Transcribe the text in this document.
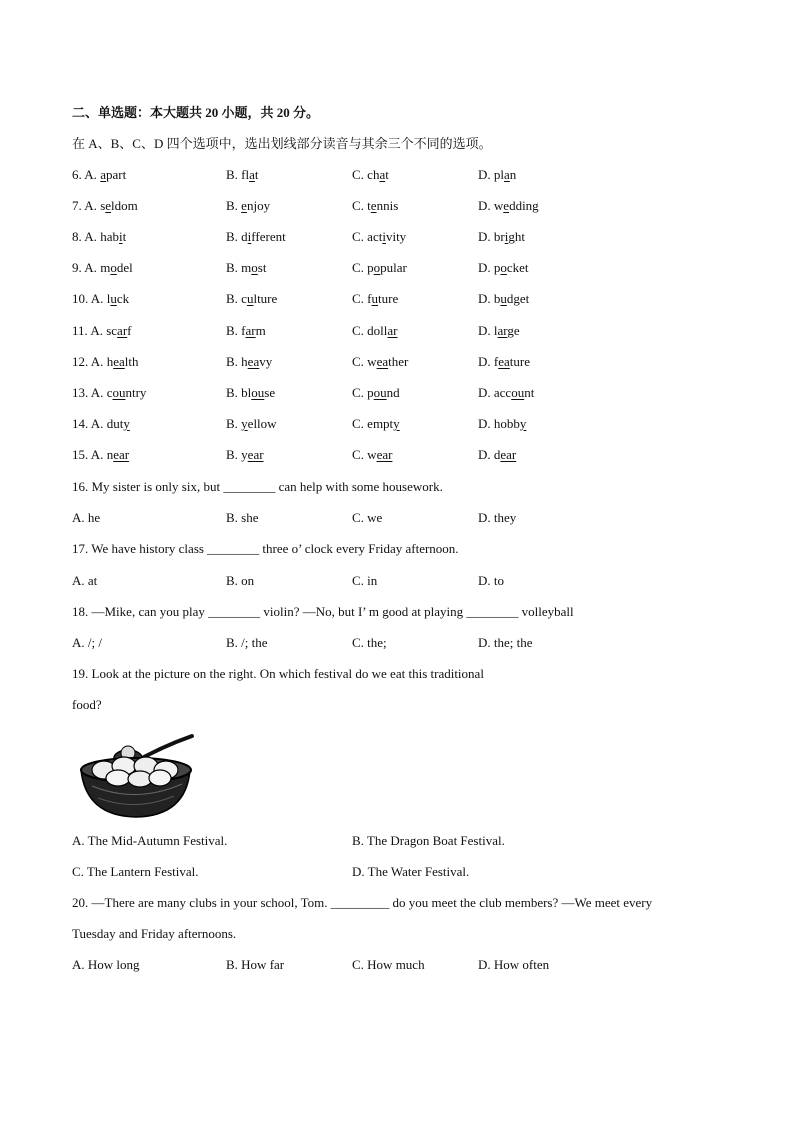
二、单选题：本大题共 20 小题，共 20 分。
在 A、B、C、D 四个选项中，选出划线部分读音与其余三个不同的选项。
6. A. apart	B. flat	C. chat	D. plan
7. A. seldom	B. enjoy	C. tennis	D. wedding
8. A. habit	B. different	C. activity	D. bright
9. A. model	B. most	C. popular	D. pocket
10. A. luck	B. culture	C. future	D. budget
11. A. scarf	B. farm	C. dollar	D. large
12. A. health	B. heavy	C. weather	D. feature
13. A. country	B. blouse	C. pound	D. account
14. A. duty	B. yellow	C. empty	D. hobby
15. A. near	B. year	C. wear	D. dear
16. My sister is only six, but ________ can help with some housework.
A. he	B. she	C. we	D. they
17. We have history class ________ three o’ clock every Friday afternoon.
A. at	B. on	C. in	D. to
18. —Mike, can you play ________ violin? —No, but I’ m good at playing ________ volleyball
A. /; /	B. /; the	C. the;	D. the; the
19. Look at the picture on the right. On which festival do we eat this traditional
food?
A. The Mid-Autumn Festival.	B. The Dragon Boat Festival.
C. The Lantern Festival.	D. The Water Festival.
20. —There are many clubs in your school, Tom. _________ do you meet the club members? —We meet every
Tuesday and Friday afternoons.
A. How long	B. How far	C. How much	D. How often
